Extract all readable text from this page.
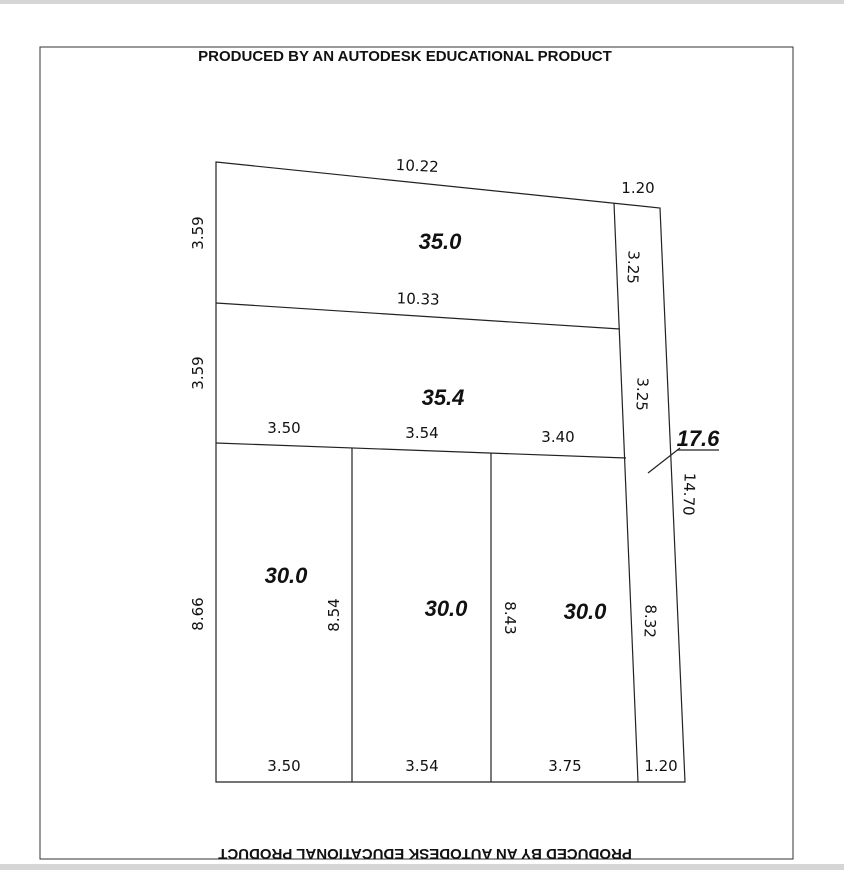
PRODUCED BY AN AUTODESK EDUCATIONAL PRODUCT
PRODUCED BY AN AUTODESK EDUCATIONAL PRODUCT
35.0
35.4
30.0
30.0	30.0
17.6
10.22
1.20
10.33
3.59
3.59
8.66
3.25
3.25
8.32
14.70
3.50	3.54	3.40
8.54	8.43
3.50	3.54	3.75	1.20
